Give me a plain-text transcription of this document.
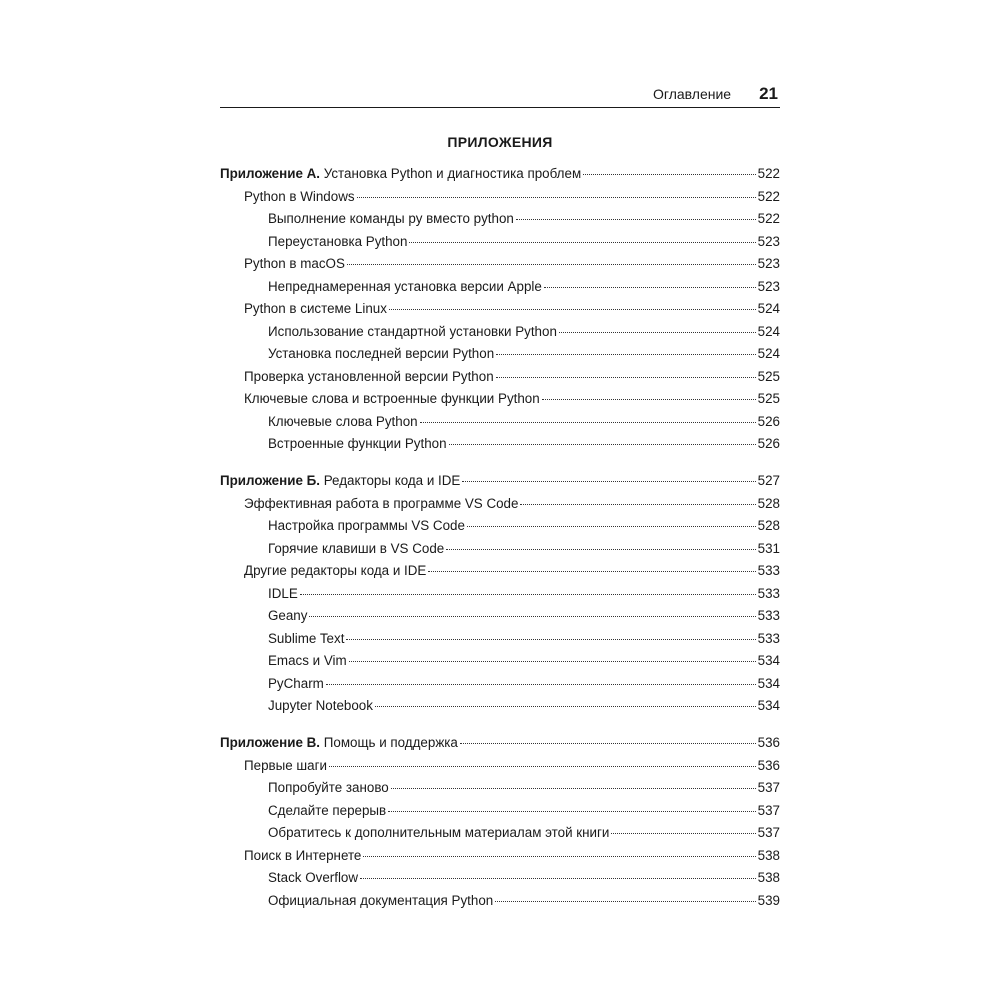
Оглавление 21
ПРИЛОЖЕНИЯ
Приложение А. Установка Python и диагностика проблем	522
Python в Windows	522
Выполнение команды py вместо python	522
Переустановка Python	523
Python в macOS	523
Непреднамеренная установка версии Apple	523
Python в системе Linux	524
Использование стандартной установки Python	524
Установка последней версии Python	524
Проверка установленной версии Python	525
Ключевые слова и встроенные функции Python	525
Ключевые слова Python	526
Встроенные функции Python	526
Приложение Б. Редакторы кода и IDE	527
Эффективная работа в программе VS Code	528
Настройка программы VS Code	528
Горячие клавиши в VS Code	531
Другие редакторы кода и IDE	533
IDLE	533
Geany	533
Sublime Text	533
Emacs и Vim	534
PyCharm	534
Jupyter Notebook	534
Приложение В. Помощь и поддержка	536
Первые шаги	536
Попробуйте заново	537
Сделайте перерыв	537
Обратитесь к дополнительным материалам этой книги	537
Поиск в Интернете	538
Stack Overflow	538
Официальная документация Python	539
